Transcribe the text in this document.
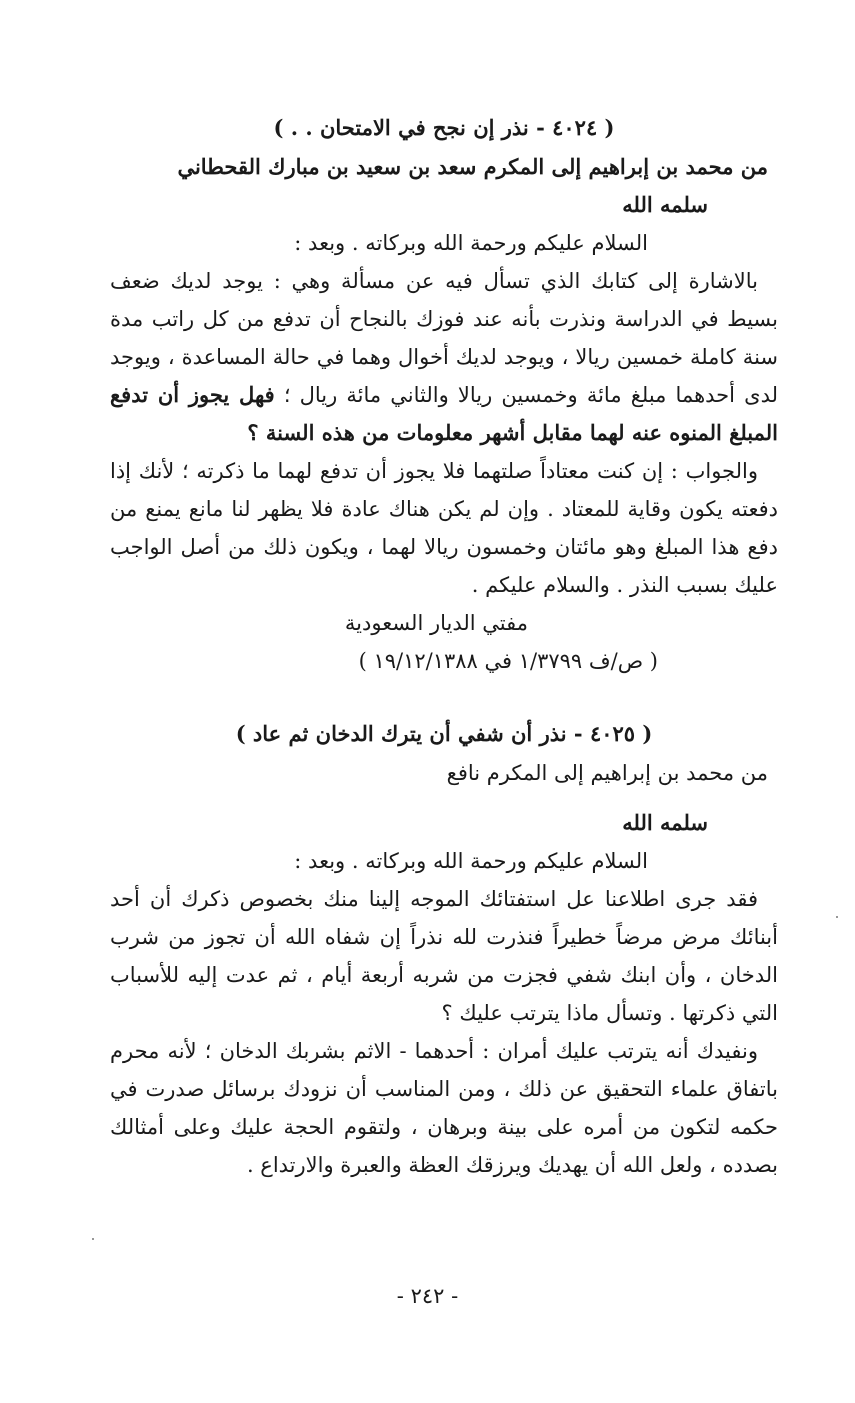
( ٤٠٢٤ - نذر إن نجح في الامتحان . . )
من محمد بن إبراهيم إلى المكرم سعد بن سعيد بن مبارك القحطاني
سلمه الله
السلام عليكم ورحمة الله وبركاته . وبعد :
بالاشارة إلى كتابك الذي تسأل فيه عن مسألة وهي : يوجد لديك ضعف بسيط في الدراسة ونذرت بأنه عند فوزك بالنجاح أن تدفع من كل راتب مدة سنة كاملة خمسين ريالا ، ويوجد لديك أخوال وهما في حالة المساعدة ، ويوجد لدى أحدهما مبلغ مائة وخمسين ريالا والثاني مائة ريال ؛ فهل يجوز أن تدفع المبلغ المنوه عنه لهما مقابل أشهر معلومات من هذه السنة ؟
والجواب : إن كنت معتاداً صلتهما فلا يجوز أن تدفع لهما ما ذكرته ؛ لأنك إذا دفعته يكون وقاية للمعتاد . وإن لم يكن هناك عادة فلا يظهر لنا مانع يمنع من دفع هذا المبلغ وهو مائتان وخمسون ريالا لهما ، ويكون ذلك من أصل الواجب عليك بسبب النذر . والسلام عليكم .
مفتي الديار السعودية
( ص/ف ١/٣٧٩٩ في ١٩/١٢/١٣٨٨ )
( ٤٠٢٥ - نذر أن شفي أن يترك الدخان ثم عاد )
من محمد بن إبراهيم إلى المكرم نافع
سلمه الله
السلام عليكم ورحمة الله وبركاته . وبعد :
فقد جرى اطلاعنا عل استفتائك الموجه إلينا منك بخصوص ذكرك أن أحد أبنائك مرض مرضاً خطيراً فنذرت لله نذراً إن شفاه الله أن تجوز من شرب الدخان ، وأن ابنك شفي فجزت من شربه أربعة أيام ، ثم عدت إليه للأسباب التي ذكرتها . وتسأل ماذا يترتب عليك ؟
ونفيدك أنه يترتب عليك أمران : أحدهما - الاثم بشربك الدخان ؛ لأنه محرم باتفاق علماء التحقيق عن ذلك ، ومن المناسب أن نزودك برسائل صدرت في حكمه لتكون من أمره على بينة وبرهان ، ولتقوم الحجة عليك وعلى أمثالك بصدده ، ولعل الله أن يهديك ويرزقك العظة والعبرة والارتداع .
- ٢٤٢ -
